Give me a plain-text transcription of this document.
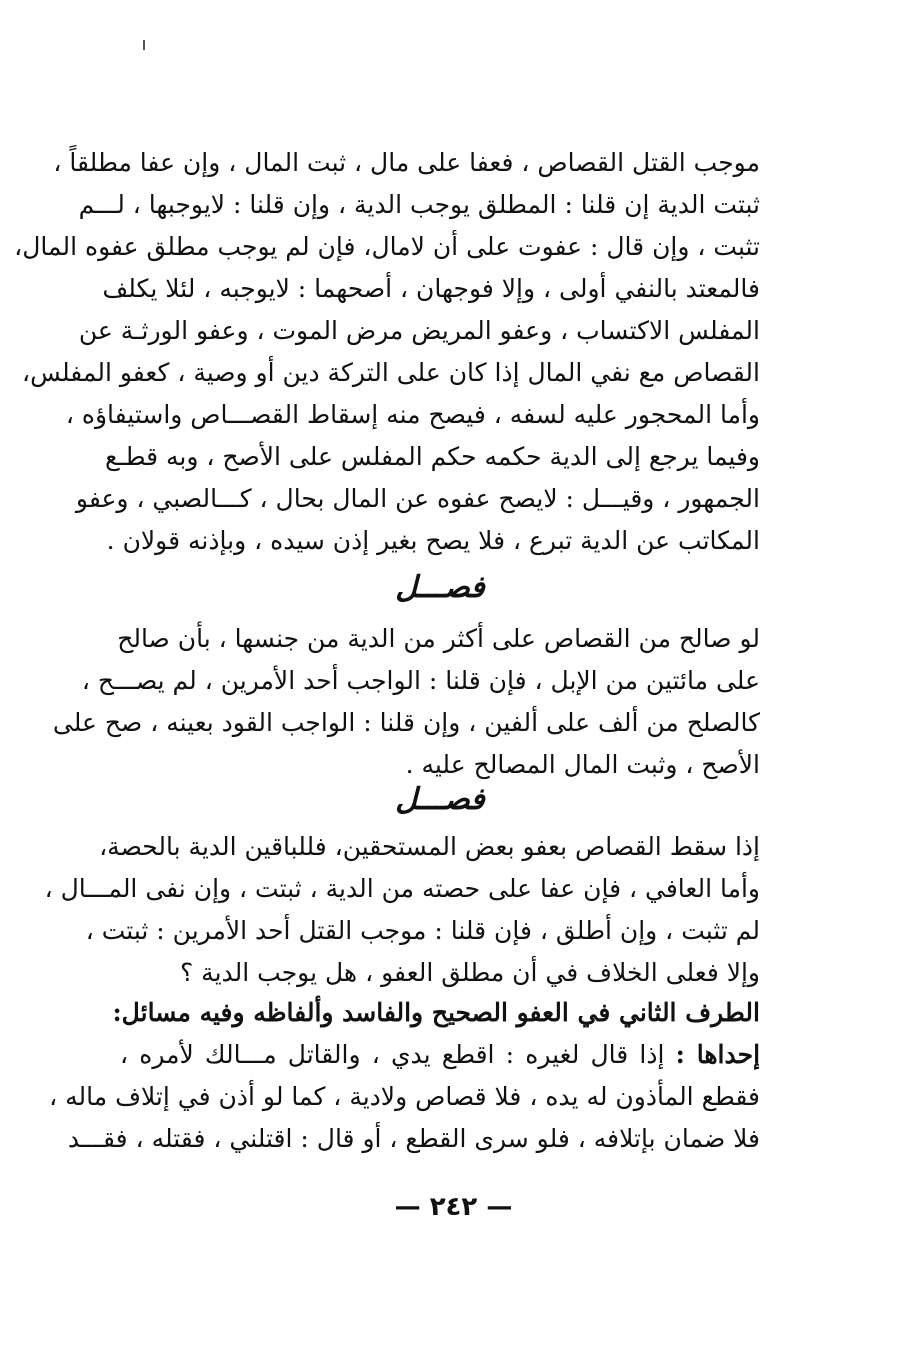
موجب القتل القصاص ، فعفا على مال ، ثبت المال ، وإن عفا مطلقاً ،
ثبتت الدية إن قلنا : المطلق يوجب الدية ، وإن قلنا : لايوجبها ، لـــم
تثبت ، وإن قال : عفوت على أن لامال، فإن لم يوجب مطلق عفوه المال،
فالمعتد بالنفي أولى ، وإلا فوجهان ، أصحهما : لايوجبه ، لئلا يكلف
المفلس الاكتساب ، وعفو المريض مرض الموت ، وعفو الورثـة عن
القصاص مع نفي المال إذا كان على التركة دين أو وصية ، كعفو المفلس،
وأما المحجور عليه لسفه ، فيصح منه إسقاط القصـــاص واستيفاؤه ،
وفيما يرجع إلى الدية حكمه حكم المفلس على الأصح ، وبه قطـع
الجمهور ، وقيـــل : لايصح عفوه عن المال بحال ، كـــالصبي ، وعفو
المكاتب عن الدية تبرع ، فلا يصح بغير إذن سيده ، وبإذنه قولان .
فصـــل
لو صالح من القصاص على أكثر من الدية من جنسها ، بأن صالح
على مائتين من الإبل ، فإن قلنا : الواجب أحد الأمرين ، لم يصـــح ،
كالصلح من ألف على ألفين ، وإن قلنا : الواجب القود بعينه ، صح على
الأصح ، وثبت المال المصالح عليه .
فصـــل
إذا سقط القصاص بعفو بعض المستحقين، فللباقين الدية بالحصة،
وأما العافي ، فإن عفا على حصته من الدية ، ثبتت ، وإن نفى المـــال ،
لم تثبت ، وإن أطلق ، فإن قلنا : موجب القتل أحد الأمرين : ثبتت ،
وإلا فعلى الخلاف في أن مطلق العفو ، هل يوجب الدية ؟
الطرف الثاني في العفو الصحيح والفاسد وألفاظه وفيه مسائل:
إحداها : إذا قال لغيره : اقطع يدي ، والقاتل مـــالك لأمره ،
فقطع المأذون له يده ، فلا قصاص ولادية ، كما لو أذن في إتلاف ماله ،
فلا ضمان بإتلافه ، فلو سرى القطع ، أو قال : اقتلني ، فقتله ، فقـــد
— ٢٤٢ —
